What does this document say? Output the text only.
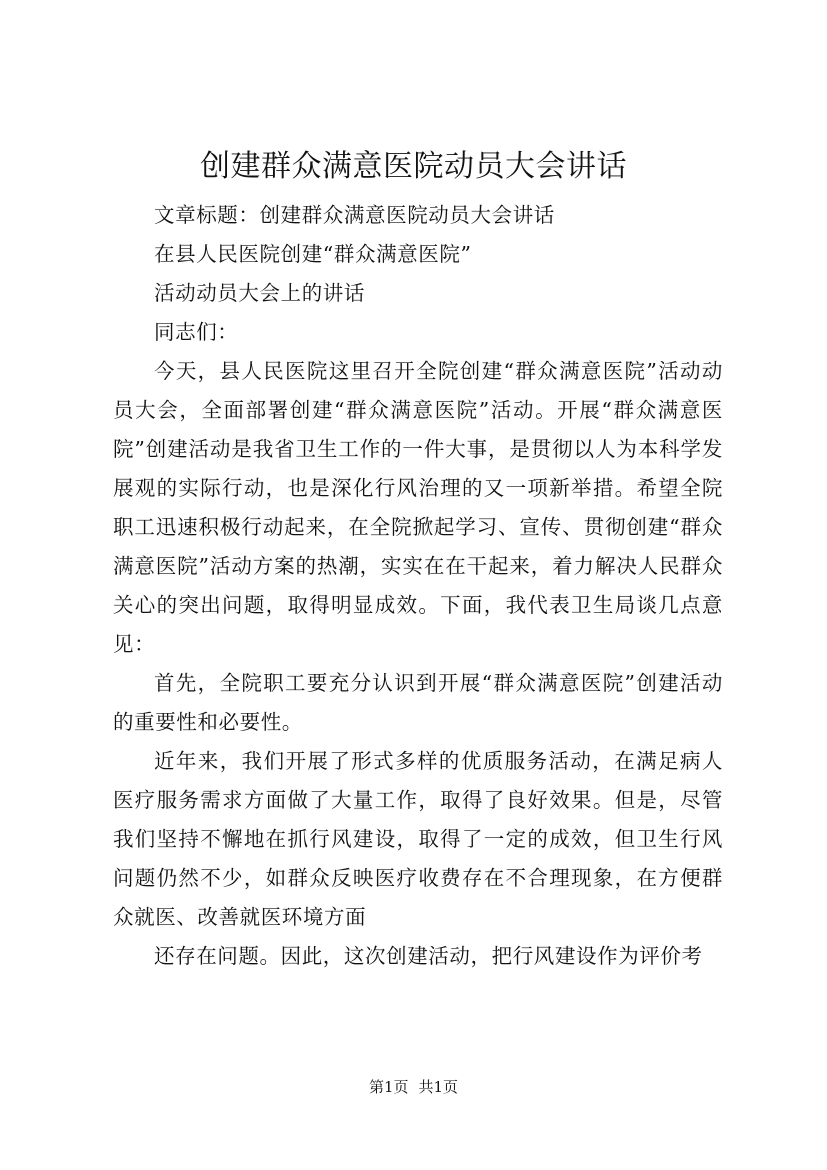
创建群众满意医院动员大会讲话

文章标题：创建群众满意医院动员大会讲话

在县人民医院创建“群众满意医院”

活动动员大会上的讲话

同志们：

今天，县人民医院这里召开全院创建“群众满意医院”活动动员大会，全面部署创建“群众满意医院”活动。开展“群众满意医院”创建活动是我省卫生工作的一件大事，是贯彻以人为本科学发展观的实际行动，也是深化行风治理的又一项新举措。希望全院职工迅速积极行动起来，在全院掀起学习、宣传、贯彻创建“群众满意医院”活动方案的热潮，实实在在干起来，着力解决人民群众关心的突出问题，取得明显成效。下面，我代表卫生局谈几点意见：

首先，全院职工要充分认识到开展“群众满意医院”创建活动的重要性和必要性。

近年来，我们开展了形式多样的优质服务活动，在满足病人医疗服务需求方面做了大量工作，取得了良好效果。但是，尽管我们坚持不懈地在抓行风建设，取得了一定的成效，但卫生行风问题仍然不少，如群众反映医疗收费存在不合理现象，在方便群众就医、改善就医环境方面

还存在问题。因此，这次创建活动，把行风建设作为评价考

第1页 共1页
